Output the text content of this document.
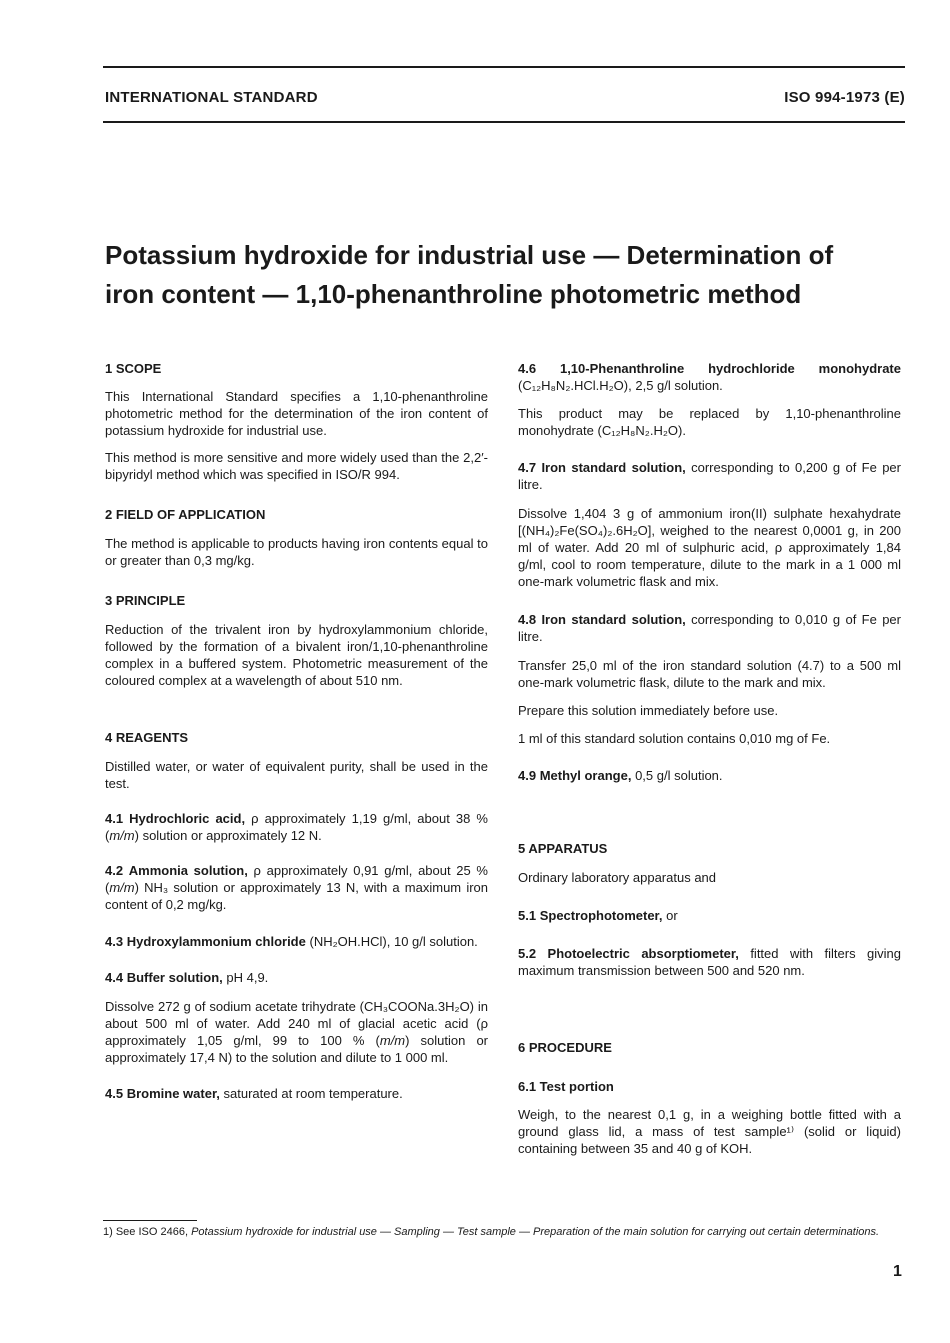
INTERNATIONAL STANDARD	ISO 994-1973 (E)
Potassium hydroxide for industrial use — Determination of
iron content — 1,10-phenanthroline photometric method
1 SCOPE

This International Standard specifies a 1,10-phenanthroline photometric method for the determination of the iron content of potassium hydroxide for industrial use.

This method is more sensitive and more widely used than the 2,2′-bipyridyl method which was specified in ISO/R 994.

2 FIELD OF APPLICATION

The method is applicable to products having iron contents equal to or greater than 0,3 mg/kg.

3 PRINCIPLE

Reduction of the trivalent iron by hydroxylammonium chloride, followed by the formation of a bivalent iron/1,10-phenanthroline complex in a buffered system. Photometric measurement of the coloured complex at a wavelength of about 510 nm.

4 REAGENTS

Distilled water, or water of equivalent purity, shall be used in the test.

4.1 Hydrochloric acid, ρ approximately 1,19 g/ml, about 38 % (m/m) solution or approximately 12 N.

4.2 Ammonia solution, ρ approximately 0,91 g/ml, about 25 % (m/m) NH₃ solution or approximately 13 N, with a maximum iron content of 0,2 mg/kg.

4.3 Hydroxylammonium chloride (NH₂OH.HCl), 10 g/l solution.

4.4 Buffer solution, pH 4,9.

Dissolve 272 g of sodium acetate trihydrate (CH₃COONa.3H₂O) in about 500 ml of water. Add 240 ml of glacial acetic acid (ρ approximately 1,05 g/ml, 99 to 100 % (m/m) solution or approximately 17,4 N) to the solution and dilute to 1 000 ml.

4.5 Bromine water, saturated at room temperature.

4.6 1,10-Phenanthroline hydrochloride monohydrate (C₁₂H₈N₂.HCl.H₂O), 2,5 g/l solution.

This product may be replaced by 1,10-phenanthroline monohydrate (C₁₂H₈N₂.H₂O).

4.7 Iron standard solution, corresponding to 0,200 g of Fe per litre.

Dissolve 1,404 3 g of ammonium iron(II) sulphate hexahydrate [(NH₄)₂Fe(SO₄)₂.6H₂O], weighed to the nearest 0,0001 g, in 200 ml of water. Add 20 ml of sulphuric acid, ρ approximately 1,84 g/ml, cool to room temperature, dilute to the mark in a 1 000 ml one-mark volumetric flask and mix.

4.8 Iron standard solution, corresponding to 0,010 g of Fe per litre.

Transfer 25,0 ml of the iron standard solution (4.7) to a 500 ml one-mark volumetric flask, dilute to the mark and mix.

Prepare this solution immediately before use.

1 ml of this standard solution contains 0,010 mg of Fe.

4.9 Methyl orange, 0,5 g/l solution.

5 APPARATUS

Ordinary laboratory apparatus and

5.1 Spectrophotometer, or

5.2 Photoelectric absorptiometer, fitted with filters giving maximum transmission between 500 and 520 nm.

6 PROCEDURE
6.1 Test portion

Weigh, to the nearest 0,1 g, in a weighing bottle fitted with a ground glass lid, a mass of test sample¹⁾ (solid or liquid) containing between 35 and 40 g of KOH.

1) See ISO 2466, Potassium hydroxide for industrial use — Sampling — Test sample — Preparation of the main solution for carrying out certain determinations.
1
